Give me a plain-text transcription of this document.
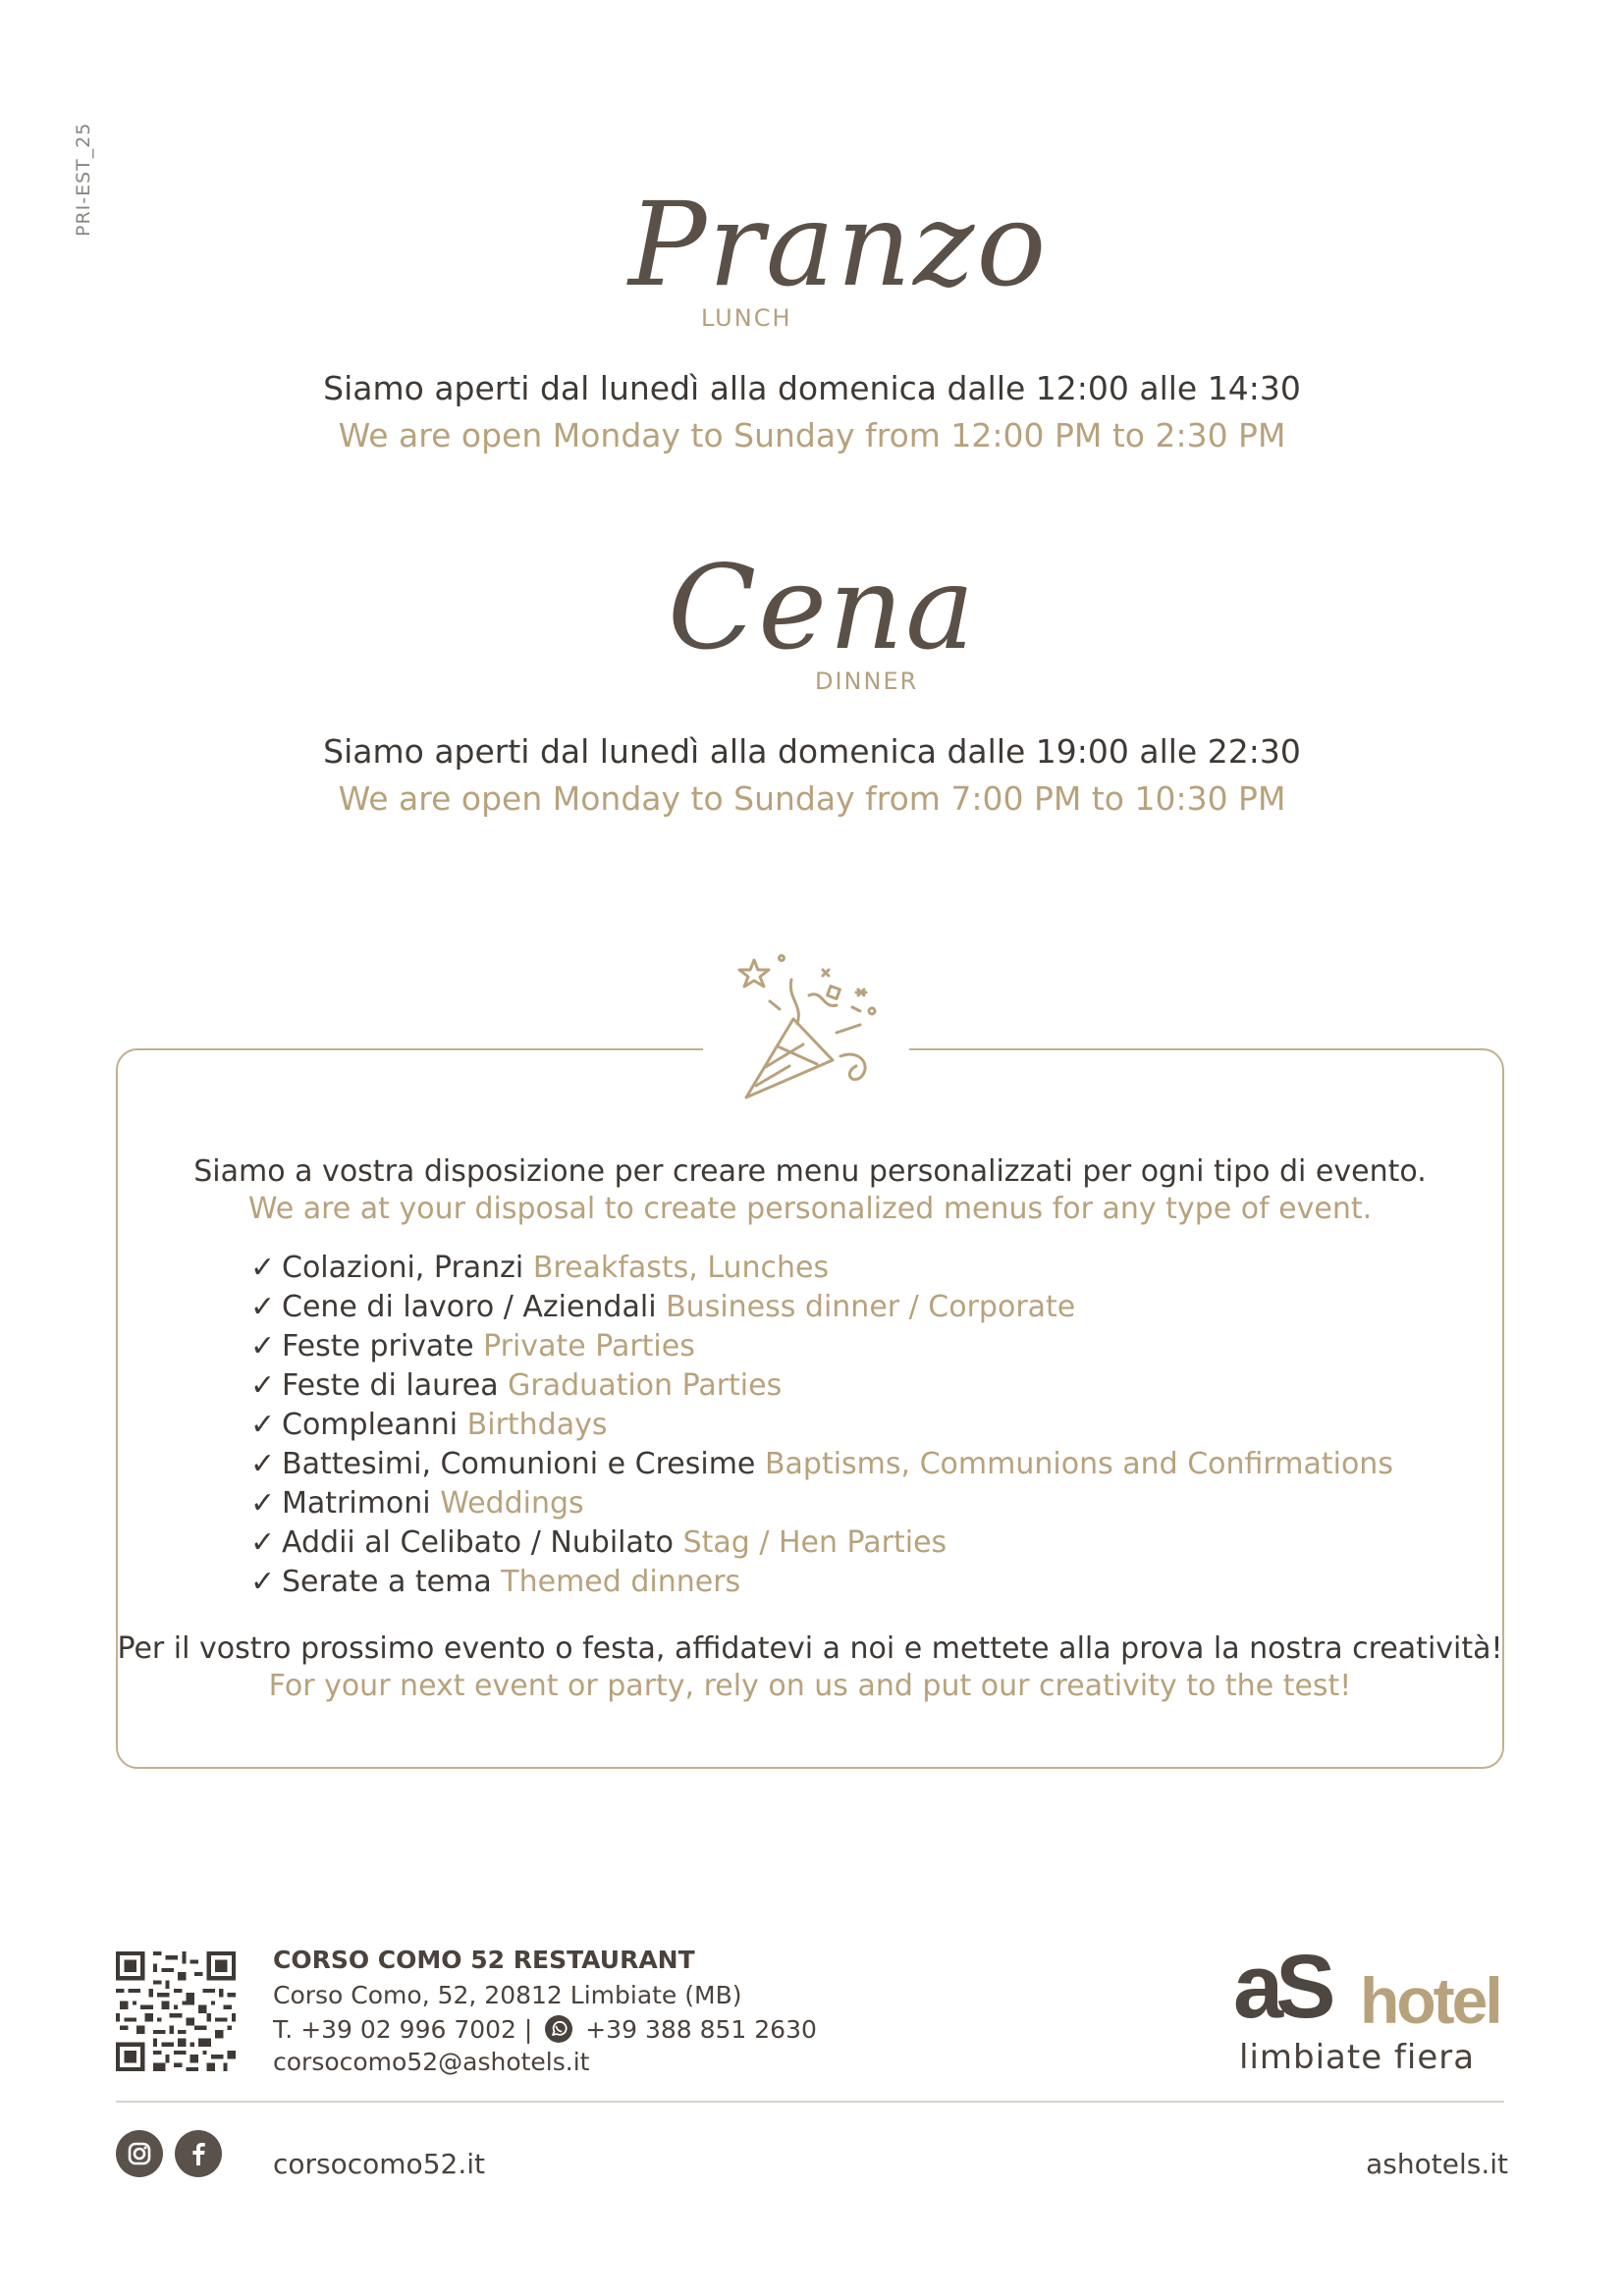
PRI-EST_25	Pranzo
LUNCH
Siamo aperti dal lunedì alla domenica dalle 12:00 alle 14:30
We are open Monday to Sunday from 12:00 PM to 2:30 PM
Cena
DINNER
Siamo aperti dal lunedì alla domenica dalle 19:00 alle 22:30
We are open Monday to Sunday from 7:00 PM to 10:30 PM
Siamo a vostra disposizione per creare menu personalizzati per ogni tipo di evento.
We are at your disposal to create personalized menus for any type of event.
✓ Colazioni, Pranzi Breakfasts, Lunches
✓ Cene di lavoro / Aziendali Business dinner / Corporate
✓ Feste private Private Parties
✓ Feste di laurea Graduation Parties
✓ Compleanni Birthdays
✓ Battesimi, Comunioni e Cresime Baptisms, Communions and Confirmations
✓ Matrimoni Weddings
✓ Addii al Celibato / Nubilato Stag / Hen Parties
✓ Serate a tema Themed dinners
Per il vostro prossimo evento o festa, affidatevi a noi e mettete alla prova la nostra creatività!
For your next event or party, rely on us and put our creativity to the test!
CORSO COMO 52 RESTAURANT
Corso Como, 52, 20812 Limbiate (MB)
T. +39 02 996 7002 | +39 388 851 2630
corsocomo52@ashotels.it
aS hotel
limbiate fiera
corsocomo52.it	ashotels.it
